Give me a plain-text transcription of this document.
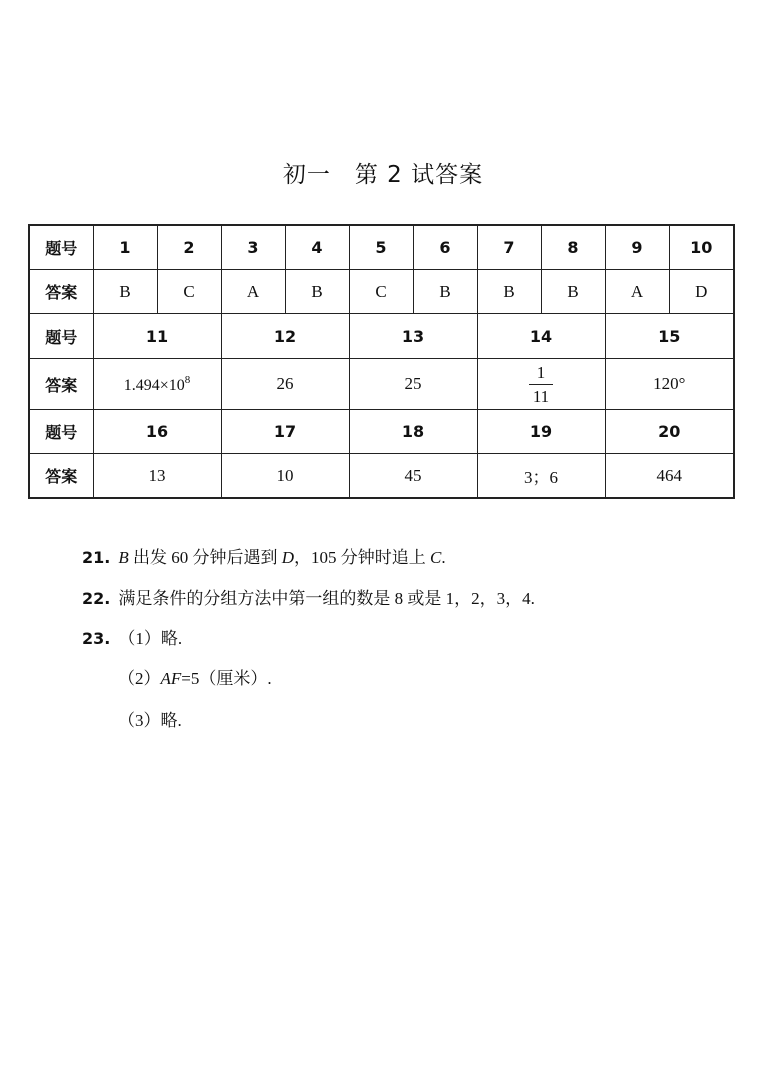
初一　第 2 试答案
题号	1	2	3	4	5	6	7	8	9	10
答案	B	C	A	B	C	B	B	B	A	D
题号	11		12		13		14		15	
答案	$1.494\times 10^8$		26		25		$\frac{1}{11}$		120°	
题号	16		17		18		19		20	
答案	13		10		45		3；6		464	
21. B 出发 60 分钟后遇到 D，105 分钟时追上 C.
22. 满足条件的分组方法中第一组的数是 8 或是 1，2，3，4.
23. （1）略.
（2）AF=5（厘米）.
（3）略.
